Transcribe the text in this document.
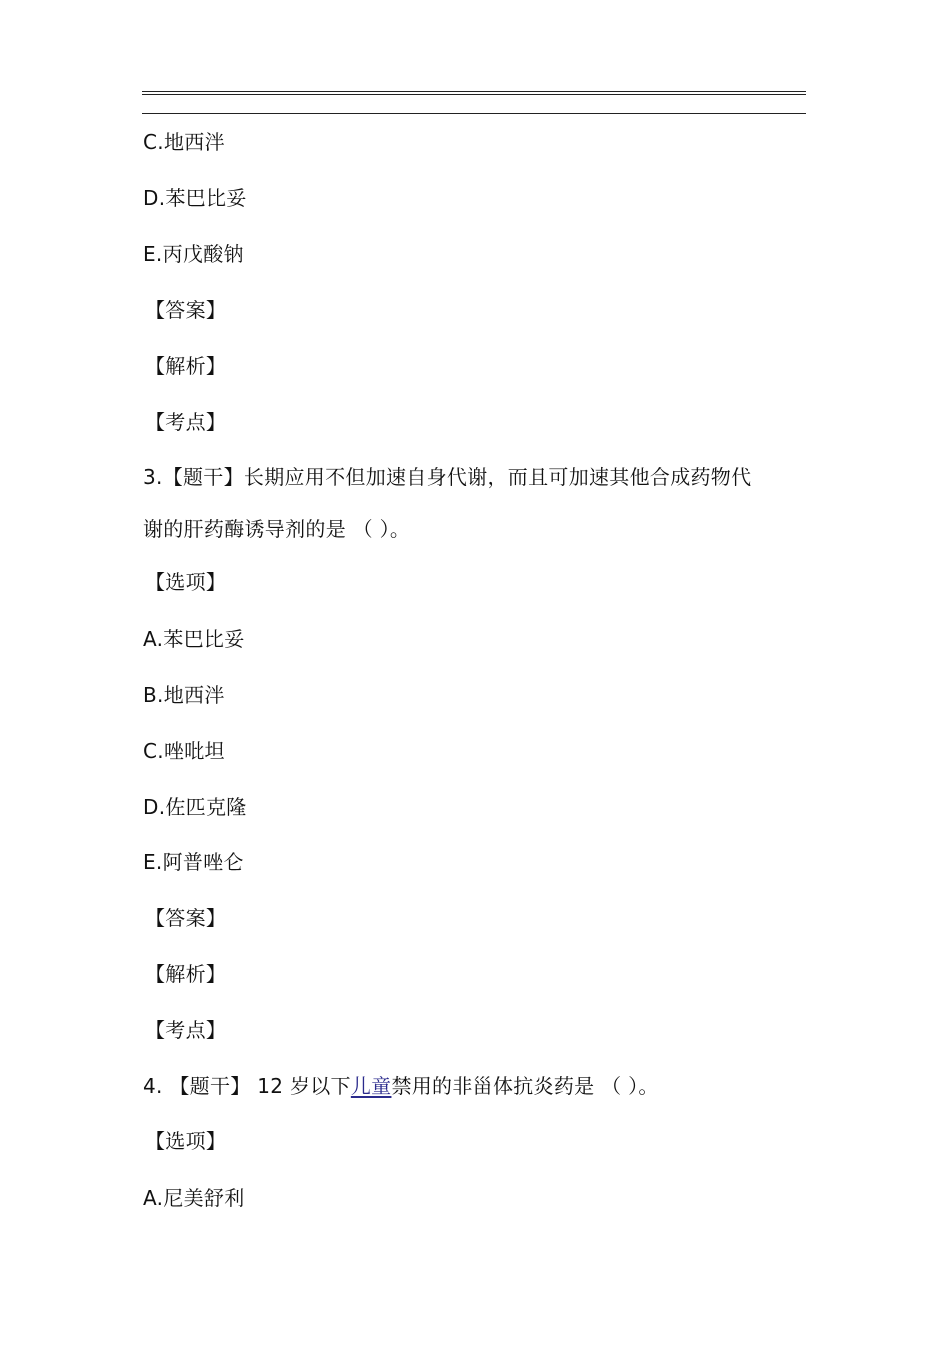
C.地西泮
D.苯巴比妥
E.丙戊酸钠
【答案】
【解析】
【考点】
3.【题干】长期应用不但加速自身代谢，而且可加速其他合成药物代
谢的肝药酶诱导剂的是 （ ）。
【选项】
A.苯巴比妥
B.地西泮
C.唑吡坦
D.佐匹克隆
E.阿普唑仑
【答案】
【解析】
【考点】
4. 【题干】 12 岁以下儿童禁用的非甾体抗炎药是 （ ）。
【选项】
A.尼美舒利
